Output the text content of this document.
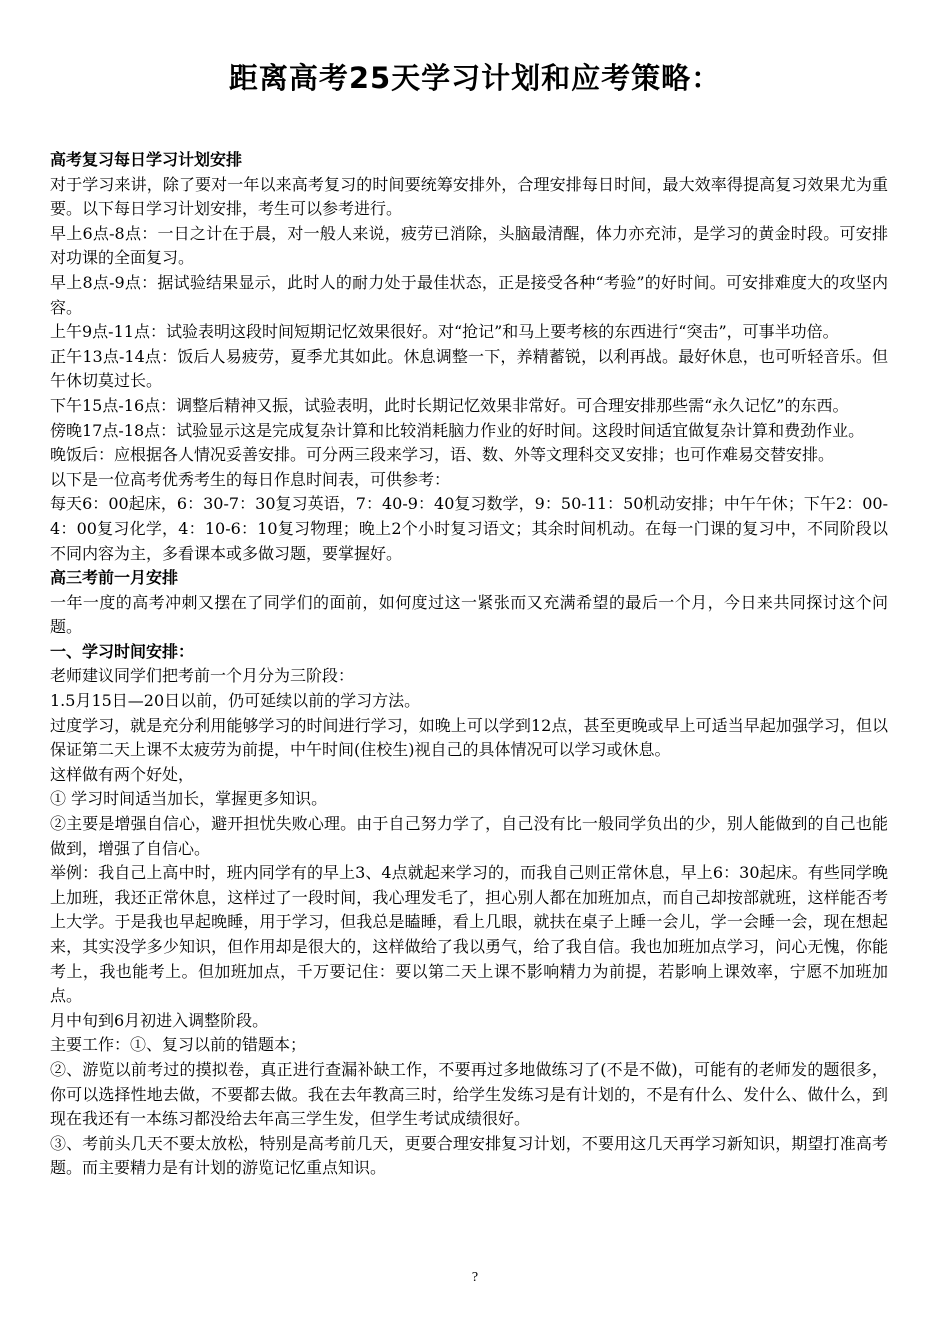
距离高考25天学习计划和应考策略：

高考复习每日学习计划安排

对于学习来讲，除了要对一年以来高考复习的时间要统筹安排外，合理安排每日时间，最大效率得提高复习效果尤为重要。以下每日学习计划安排，考生可以参考进行。

早上6点-8点：一日之计在于晨，对一般人来说，疲劳已消除，头脑最清醒，体力亦充沛，是学习的黄金时段。可安排对功课的全面复习。

早上8点-9点：据试验结果显示，此时人的耐力处于最佳状态，正是接受各种“考验”的好时间。可安排难度大的攻坚内容。

上午9点-11点：试验表明这段时间短期记忆效果很好。对“抢记”和马上要考核的东西进行“突击”，可事半功倍。

正午13点-14点：饭后人易疲劳，夏季尤其如此。休息调整一下，养精蓄锐，以利再战。最好休息，也可听轻音乐。但午休切莫过长。

下午15点-16点：调整后精神又振，试验表明，此时长期记忆效果非常好。可合理安排那些需“永久记忆”的东西。

傍晚17点-18点：试验显示这是完成复杂计算和比较消耗脑力作业的好时间。这段时间适宜做复杂计算和费劲作业。

晚饭后：应根据各人情况妥善安排。可分两三段来学习，语、数、外等文理科交叉安排；也可作难易交替安排。

以下是一位高考优秀考生的每日作息时间表，可供参考：

每天6：00起床，6：30-7：30复习英语，7：40-9：40复习数学，9：50-11：50机动安排；中午午休；下午2：00-4：00复习化学，4：10-6：10复习物理；晚上2个小时复习语文；其余时间机动。在每一门课的复习中，不同阶段以不同内容为主，多看课本或多做习题，要掌握好。

高三考前一月安排

一年一度的高考冲刺又摆在了同学们的面前，如何度过这一紧张而又充满希望的最后一个月，今日来共同探讨这个问题。

一、学习时间安排：

老师建议同学们把考前一个月分为三阶段：

1.5月15日—20日以前，仍可延续以前的学习方法。

过度学习，就是充分利用能够学习的时间进行学习，如晚上可以学到12点，甚至更晚或早上可适当早起加强学习，但以保证第二天上课不太疲劳为前提，中午时间(住校生)视自己的具体情况可以学习或休息。

这样做有两个好处，

① 学习时间适当加长，掌握更多知识。

②主要是增强自信心，避开担忧失败心理。由于自己努力学了，自己没有比一般同学负出的少，别人能做到的自己也能做到，增强了自信心。

举例：我自己上高中时，班内同学有的早上3、4点就起来学习的，而我自己则正常休息，早上6：30起床。有些同学晚上加班，我还正常休息，这样过了一段时间，我心理发毛了，担心别人都在加班加点，而自己却按部就班，这样能否考上大学。于是我也早起晚睡，用于学习，但我总是瞌睡，看上几眼，就扶在桌子上睡一会儿，学一会睡一会，现在想起来，其实没学多少知识，但作用却是很大的，这样做给了我以勇气，给了我自信。我也加班加点学习，问心无愧，你能考上，我也能考上。但加班加点，千万要记住：要以第二天上课不影响精力为前提，若影响上课效率，宁愿不加班加点。

月中旬到6月初进入调整阶段。

主要工作：①、复习以前的错题本；

②、游览以前考过的摸拟卷，真正进行查漏补缺工作，不要再过多地做练习了(不是不做)，可能有的老师发的题很多，你可以选择性地去做，不要都去做。我在去年教高三时，给学生发练习是有计划的，不是有什么、发什么、做什么，到现在我还有一本练习都没给去年高三学生发，但学生考试成绩很好。

③、考前头几天不要太放松，特别是高考前几天，更要合理安排复习计划，不要用这几天再学习新知识，期望打准高考题。而主要精力是有计划的游览记忆重点知识。

?
